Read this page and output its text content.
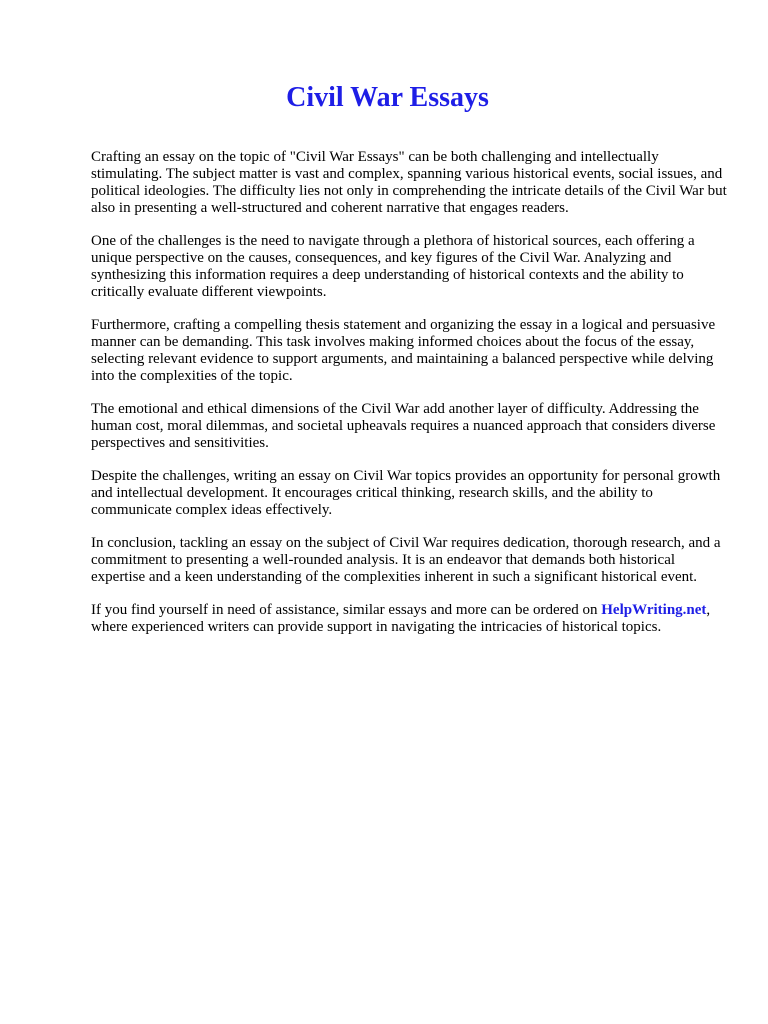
Civil War Essays

Crafting an essay on the topic of "Civil War Essays" can be both challenging and intellectually stimulating. The subject matter is vast and complex, spanning various historical events, social issues, and political ideologies. The difficulty lies not only in comprehending the intricate details of the Civil War but also in presenting a well-structured and coherent narrative that engages readers.

One of the challenges is the need to navigate through a plethora of historical sources, each offering a unique perspective on the causes, consequences, and key figures of the Civil War. Analyzing and synthesizing this information requires a deep understanding of historical contexts and the ability to critically evaluate different viewpoints.

Furthermore, crafting a compelling thesis statement and organizing the essay in a logical and persuasive manner can be demanding. This task involves making informed choices about the focus of the essay, selecting relevant evidence to support arguments, and maintaining a balanced perspective while delving into the complexities of the topic.

The emotional and ethical dimensions of the Civil War add another layer of difficulty. Addressing the human cost, moral dilemmas, and societal upheavals requires a nuanced approach that considers diverse perspectives and sensitivities.

Despite the challenges, writing an essay on Civil War topics provides an opportunity for personal growth and intellectual development. It encourages critical thinking, research skills, and the ability to communicate complex ideas effectively.

In conclusion, tackling an essay on the subject of Civil War requires dedication, thorough research, and a commitment to presenting a well-rounded analysis. It is an endeavor that demands both historical expertise and a keen understanding of the complexities inherent in such a significant historical event.

If you find yourself in need of assistance, similar essays and more can be ordered on HelpWriting.net, where experienced writers can provide support in navigating the intricacies of historical topics.
